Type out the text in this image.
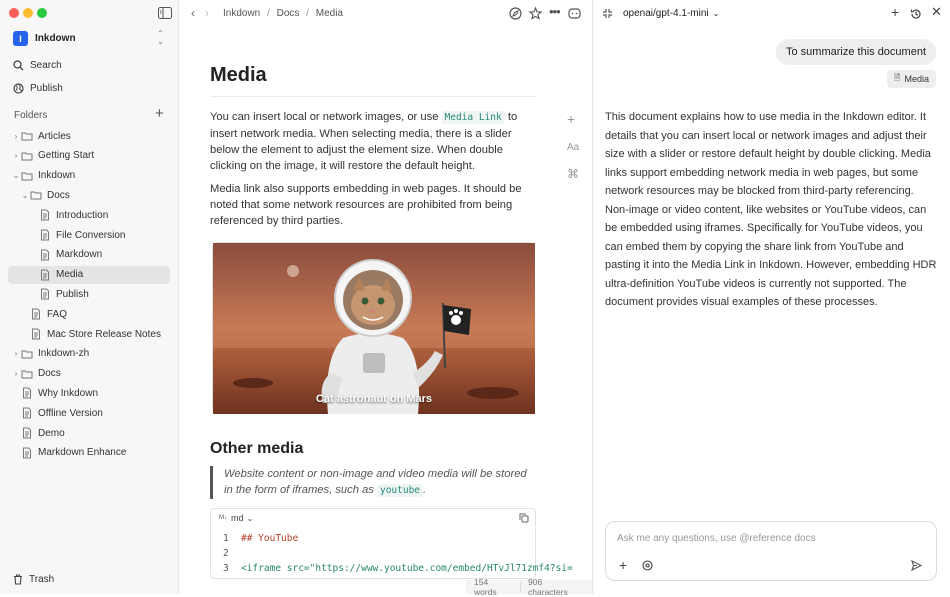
I	Inkdown	⌃
⌄
Search
Publish
Folders	+
›	Articles
›	Getting Start
⌄ Inkdown
⌄ Docs
Introduction
File Conversion
Markdown
Media
Publish
FAQ
Mac Store Release Notes
›	Inkdown-zh
›	Docs
Why Inkdown
Offline Version
Demo
Markdown Enhance
Trash
‹ › Inkdown / Docs / Media	•••
Media
You can insert local or network images, or use Media Link to insert network media. When selecting media, there is a slider below the element to adjust the element size. When double clicking on the image, it will restore the default height.
Media link also supports embedding in web pages. It should be noted that some network resources are prohibited from being referenced by third parties.
+
Aa
⌘
Cat astronaut on Mars
Other media
Website content or non-image and video media will be stored in the form of iframes, such as youtube .
M↓ md ⌄
1 ## YouTube
2
3 <iframe src="https://www.youtube.com/embed/HTvJl71zmf4?si=
154 words
906 characters
openai/gpt-4.1-mini ⌄	+ ✕
To summarize this document
🗎 Media
This document explains how to use media in the Inkdown editor. It details that you can insert local or network images and adjust their size with a slider or restore default height by double clicking. Media links support embedding network media in web pages, but some network resources may be blocked from third-party referencing. Non-image or video content, like websites or YouTube videos, can be embedded using iframes. Specifically for YouTube videos, you can embed them by copying the share link from YouTube and pasting it into the Media Link in Inkdown. However, embedding HDR ultra-definition YouTube videos is currently not supported. The document provides visual examples of these processes.
Ask me any questions, use @reference docs
+
